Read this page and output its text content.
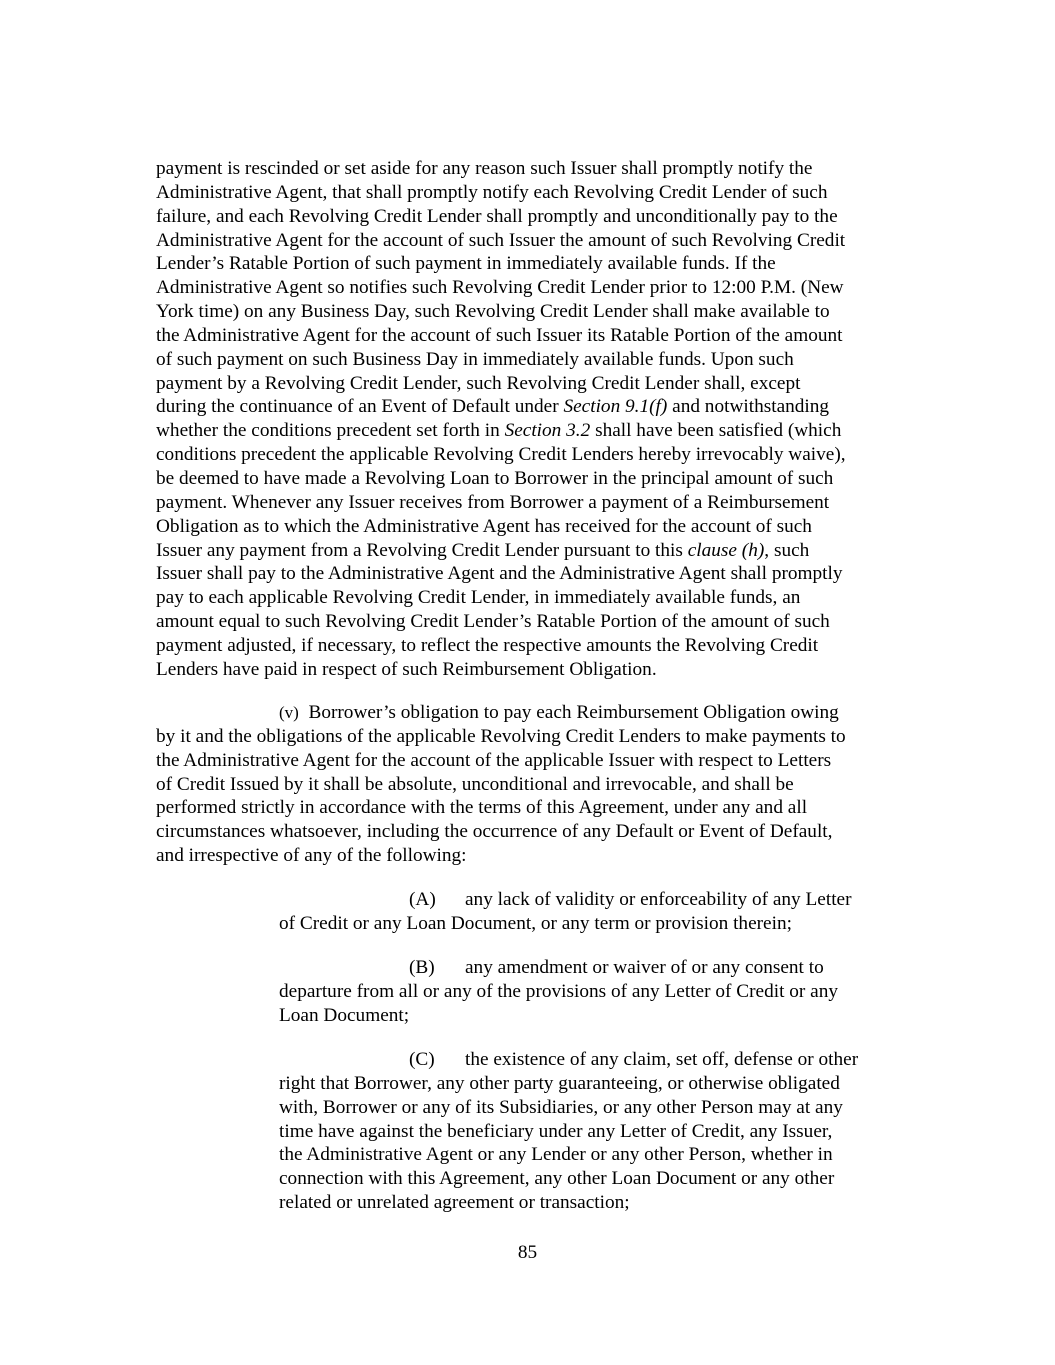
payment is rescinded or set aside for any reason such Issuer shall promptly notify the
Administrative Agent, that shall promptly notify each Revolving Credit Lender of such
failure, and each Revolving Credit Lender shall promptly and unconditionally pay to the
Administrative Agent for the account of such Issuer the amount of such Revolving Credit
Lender’s Ratable Portion of such payment in immediately available funds. If the
Administrative Agent so notifies such Revolving Credit Lender prior to 12:00 P.M. (New
York time) on any Business Day, such Revolving Credit Lender shall make available to
the Administrative Agent for the account of such Issuer its Ratable Portion of the amount
of such payment on such Business Day in immediately available funds. Upon such
payment by a Revolving Credit Lender, such Revolving Credit Lender shall, except
during the continuance of an Event of Default under Section 9.1(f) and notwithstanding
whether the conditions precedent set forth in Section 3.2 shall have been satisfied (which
conditions precedent the applicable Revolving Credit Lenders hereby irrevocably waive),
be deemed to have made a Revolving Loan to Borrower in the principal amount of such
payment. Whenever any Issuer receives from Borrower a payment of a Reimbursement
Obligation as to which the Administrative Agent has received for the account of such
Issuer any payment from a Revolving Credit Lender pursuant to this clause (h), such
Issuer shall pay to the Administrative Agent and the Administrative Agent shall promptly
pay to each applicable Revolving Credit Lender, in immediately available funds, an
amount equal to such Revolving Credit Lender’s Ratable Portion of the amount of such
payment adjusted, if necessary, to reflect the respective amounts the Revolving Credit
Lenders have paid in respect of such Reimbursement Obligation.
(v) Borrower’s obligation to pay each Reimbursement Obligation owing
by it and the obligations of the applicable Revolving Credit Lenders to make payments to
the Administrative Agent for the account of the applicable Issuer with respect to Letters
of Credit Issued by it shall be absolute, unconditional and irrevocable, and shall be
performed strictly in accordance with the terms of this Agreement, under any and all
circumstances whatsoever, including the occurrence of any Default or Event of Default,
and irrespective of any of the following:
(A) any lack of validity or enforceability of any Letter
of Credit or any Loan Document, or any term or provision therein;
(B) any amendment or waiver of or any consent to
departure from all or any of the provisions of any Letter of Credit or any
Loan Document;
(C) the existence of any claim, set off, defense or other
right that Borrower, any other party guaranteeing, or otherwise obligated
with, Borrower or any of its Subsidiaries, or any other Person may at any
time have against the beneficiary under any Letter of Credit, any Issuer,
the Administrative Agent or any Lender or any other Person, whether in
connection with this Agreement, any other Loan Document or any other
related or unrelated agreement or transaction;
85
